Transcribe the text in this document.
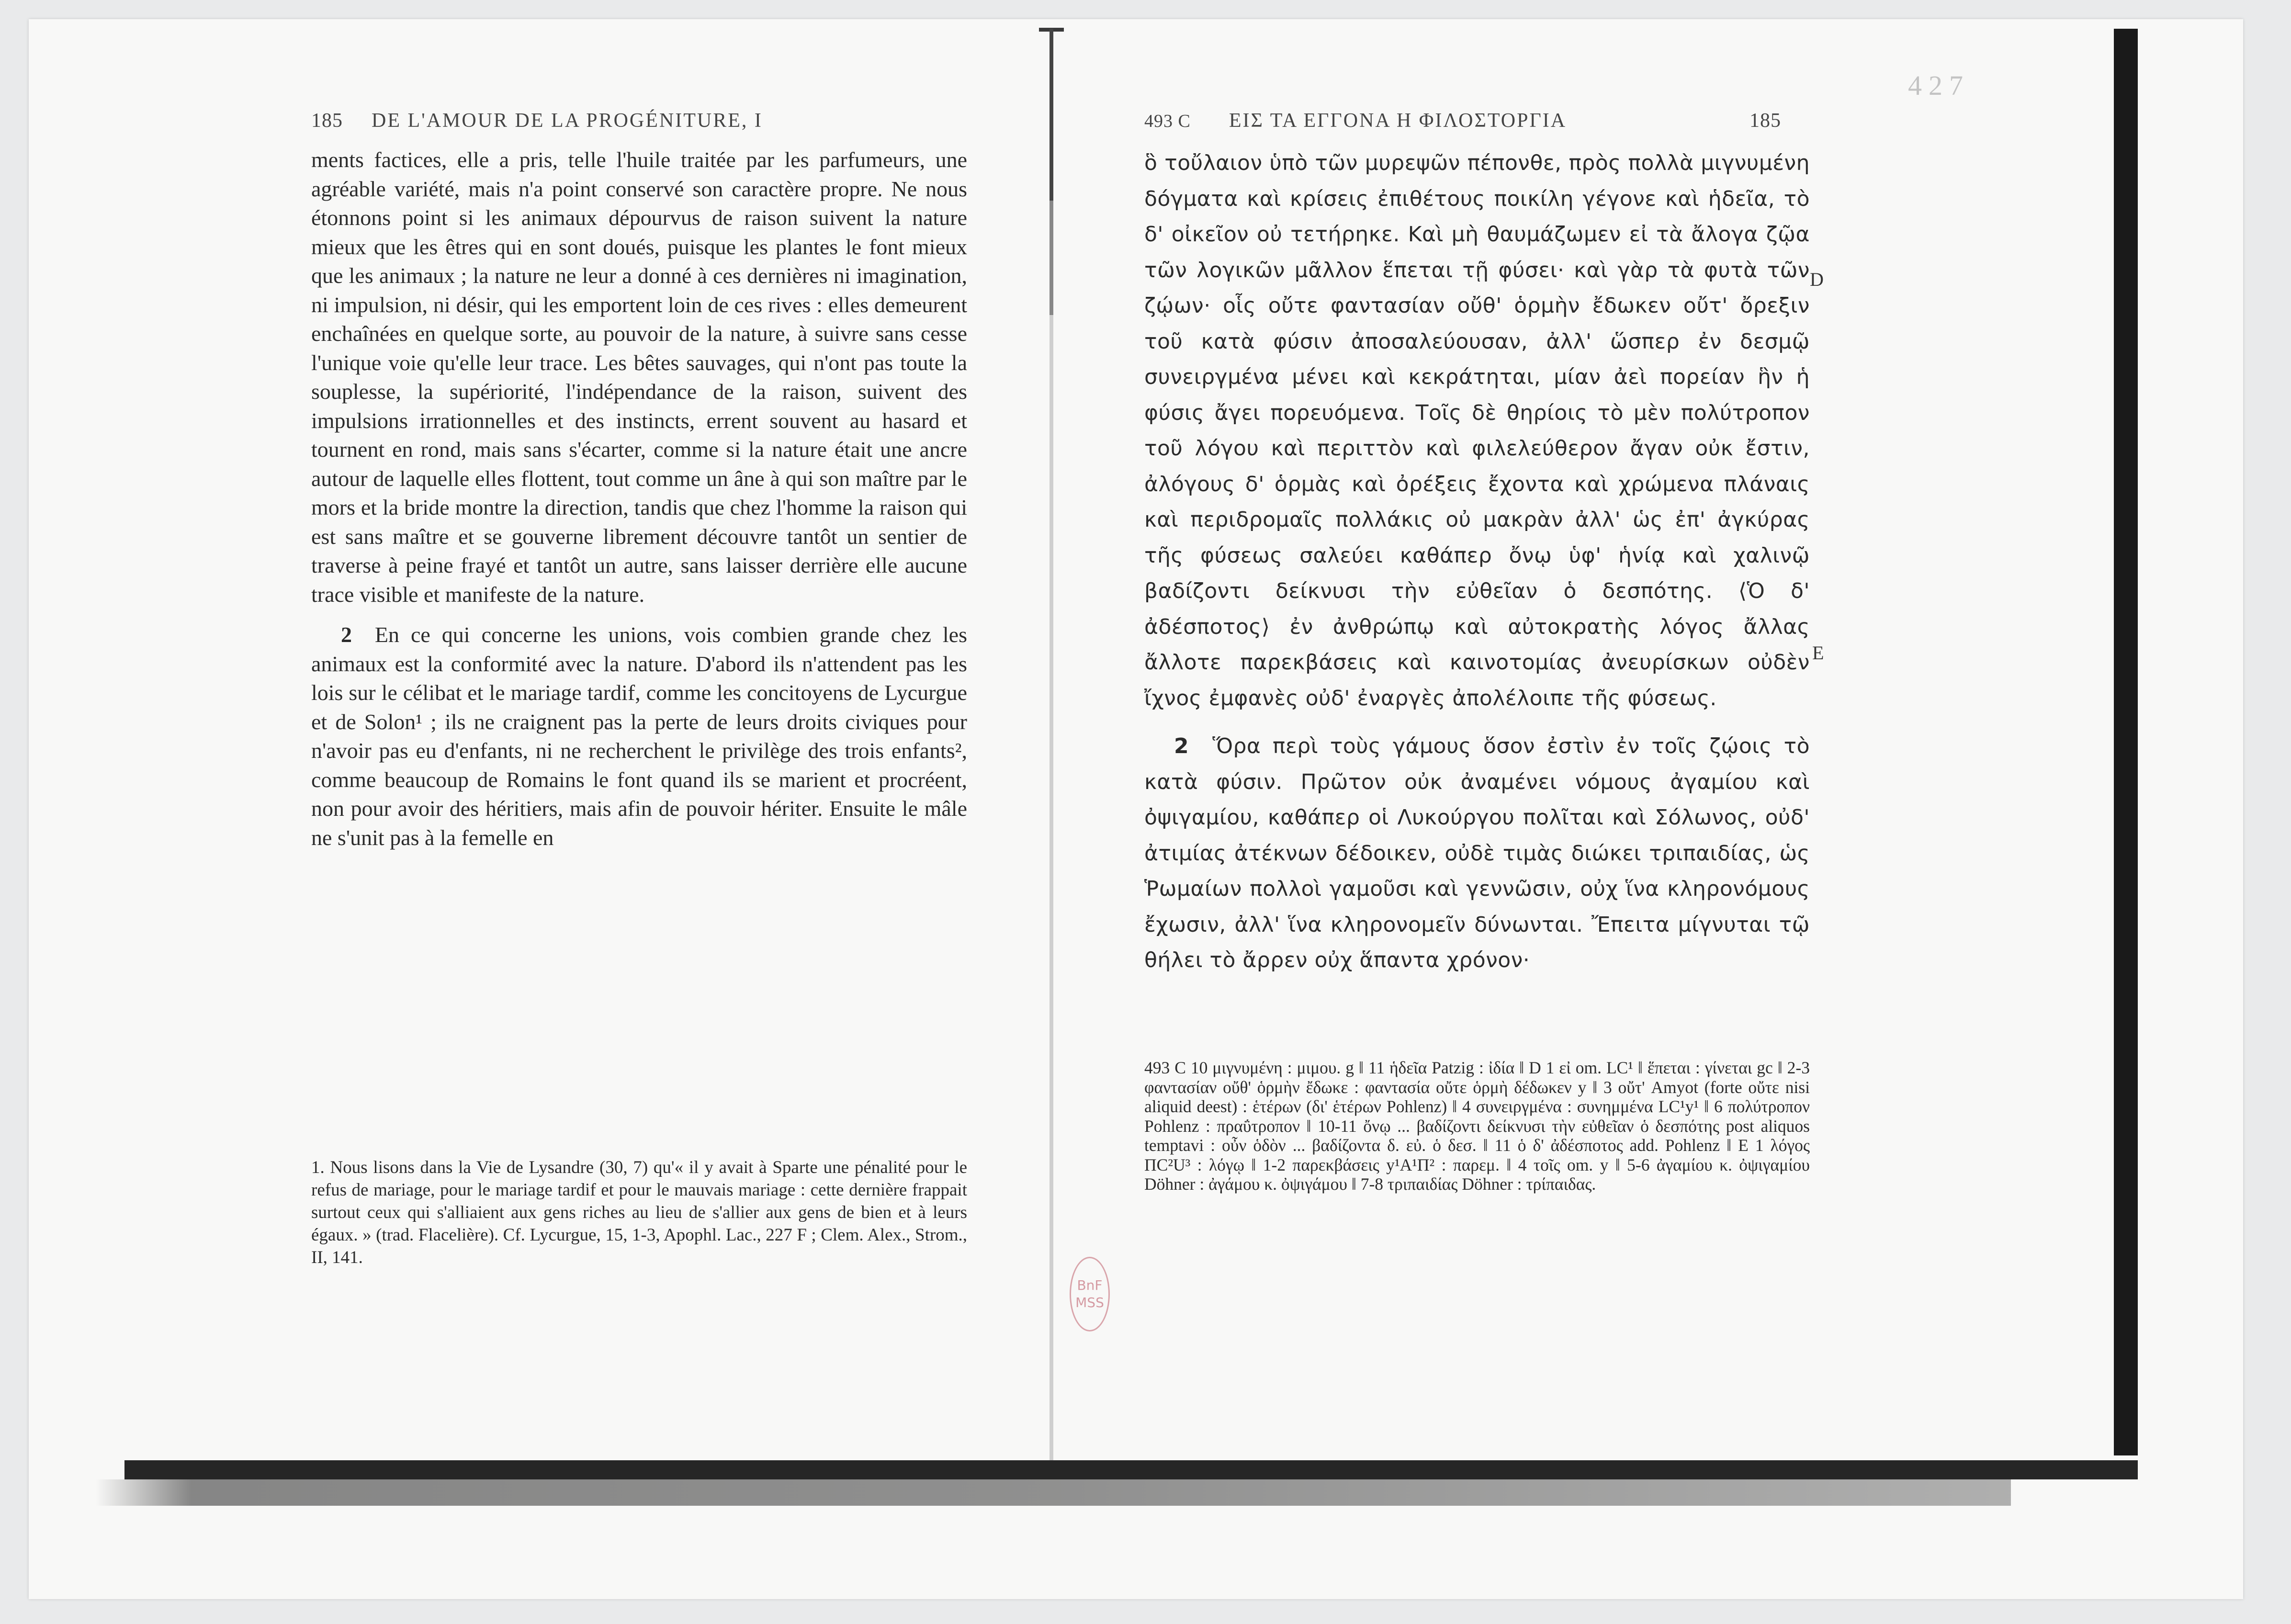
427
185 DE L'AMOUR DE LA PROGÉNITURE, I

ments factices, elle a pris, telle l'huile traitée par les parfumeurs, une agréable variété, mais n'a point conservé son caractère propre. Ne nous étonnons point si les animaux dépourvus de raison suivent la nature mieux que les êtres qui en sont doués, puisque les plantes le font mieux que les animaux ; la nature ne leur a donné à ces dernières ni imagination, ni impulsion, ni désir, qui les emportent loin de ces rives : elles demeurent enchaînées en quelque sorte, au pouvoir de la nature, à suivre sans cesse l'unique voie qu'elle leur trace. Les bêtes sauvages, qui n'ont pas toute la souplesse, la supériorité, l'indépendance de la raison, suivent des impulsions irrationnelles et des instincts, errent souvent au hasard et tournent en rond, mais sans s'écarter, comme si la nature était une ancre autour de laquelle elles flottent, tout comme un âne à qui son maître par le mors et la bride montre la direction, tandis que chez l'homme la raison qui est sans maître et se gouverne librement découvre tantôt un sentier de traverse à peine frayé et tantôt un autre, sans laisser derrière elle aucune trace visible et manifeste de la nature.

2 En ce qui concerne les unions, vois combien grande chez les animaux est la conformité avec la nature. D'abord ils n'attendent pas les lois sur le célibat et le mariage tardif, comme les concitoyens de Lycurgue et de Solon¹ ; ils ne craignent pas la perte de leurs droits civiques pour n'avoir pas eu d'enfants, ni ne recherchent le privilège des trois enfants², comme beaucoup de Romains le font quand ils se marient et procréent, non pour avoir des héritiers, mais afin de pouvoir hériter. Ensuite le mâle ne s'unit pas à la femelle en

1. Nous lisons dans la Vie de Lysandre (30, 7) qu'« il y avait à Sparte une pénalité pour le refus de mariage, pour le mariage tardif et pour le mauvais mariage : cette dernière frappait surtout ceux qui s'alliaient aux gens riches au lieu de s'allier aux gens de bien et à leurs égaux. » (trad. Flacelière). Cf. Lycurgue, 15, 1-3, Apophl. Lac., 227 F ; Clem. Alex., Strom., II, 141.
493 C ΕΙΣ ΤΑ ΕΓΓΟΝΑ Η ΦΙΛΟΣΤΟΡΓΙΑ	185

ὃ τοὔλαιον ὑπὸ τῶν μυρεψῶν πέπονθε, πρὸς πολλὰ μιγνυμένη δόγματα καὶ κρίσεις ἐπιθέτους ποικίλη γέγονε καὶ ἡδεῖα, τὸ δ' οἰκεῖον οὐ τετήρηκε. Καὶ μὴ θαυμάζωμεν εἰ τὰ ἄλογα ζῷα τῶν λογικῶν μᾶλλον ἕπεται τῇ φύσει· καὶ γὰρ τὰ φυτὰ τῶν ζῴων· οἷς οὔτε φαντασίαν οὔθ' ὁρμὴν ἔδωκεν οὔτ' ὄρεξιν τοῦ κατὰ φύσιν ἀποσαλεύουσαν, ἀλλ' ὥσπερ ἐν δεσμῷ συνειργμένα μένει καὶ κεκράτηται, μίαν ἀεὶ πορείαν ἣν ἡ φύσις ἄγει πορευόμενα. Τοῖς δὲ θηρίοις τὸ μὲν πολύτροπον τοῦ λόγου καὶ περιττὸν καὶ φιλελεύθερον ἄγαν οὐκ ἔστιν, ἀλόγους δ' ὁρμὰς καὶ ὀρέξεις ἔχοντα καὶ χρώμενα πλάναις καὶ περιδρομαῖς πολλάκις οὐ μακρὰν ἀλλ' ὡς ἐπ' ἀγκύρας τῆς φύσεως σαλεύει καθάπερ ὄνῳ ὑφ' ἡνίᾳ καὶ χαλινῷ βαδίζοντι δείκνυσι τὴν εὐθεῖαν ὁ δεσπότης. ⟨Ὁ δ' ἀδέσποτος⟩ ἐν ἀνθρώπῳ καὶ αὐτοκρατὴς λόγος ἄλλας ἄλλοτε παρεκβάσεις καὶ καινοτομίας ἀνευρίσκων οὐδὲν ἴχνος ἐμφανὲς οὐδ' ἐναργὲς ἀπολέλοιπε τῆς φύσεως.

2 Ὅρα περὶ τοὺς γάμους ὅσον ἐστὶν ἐν τοῖς ζῴοις τὸ κατὰ φύσιν. Πρῶτον οὐκ ἀναμένει νόμους ἀγαμίου καὶ ὀψιγαμίου, καθάπερ οἱ Λυκούργου πολῖται καὶ Σόλωνος, οὐδ' ἀτιμίας ἀτέκνων δέδοικεν, οὐδὲ τιμὰς διώκει τριπαιδίας, ὡς Ῥωμαίων πολλοὶ γαμοῦσι καὶ γεννῶσιν, οὐχ ἵνα κληρονόμους ἔχωσιν, ἀλλ' ἵνα κληρονομεῖν δύνωνται. Ἔπειτα μίγνυται τῷ θήλει τὸ ἄρρεν οὐχ ἅπαντα χρόνον·

D
E
493 C 10 μιγνυμένη : μιμου. g ‖ 11 ἡδεῖα Patzig : ἰδία ‖ D 1 εἰ om. LC¹ ‖ ἕπεται : γίνεται gc ‖ 2-3 φαντασίαν οὔθ' ὁρμὴν ἔδωκε : φαντασία οὔτε ὁρμὴ δέδωκεν y ‖ 3 οὔτ' Amyot (forte οὔτε nisi aliquid deest) : ἑτέρων (δι' ἑτέρων Pohlenz) ‖ 4 συνειργμένα : συνημμένα LC¹y¹ ‖ 6 πολύτροπον Pohlenz : πραΰτροπον ‖ 10-11 ὄνῳ ... βαδίζοντι δείκνυσι τὴν εὐθεῖαν ὁ δεσπότης post aliquos temptavi : οὖν ὁδὸν ... βαδίζοντα δ. εὐ. ὁ δεσ. ‖ 11 ὁ δ' ἀδέσποτος add. Pohlenz ‖ E 1 λόγος ΠC²U³ : λόγῳ ‖ 1-2 παρεκβάσεις y¹A¹Π² : παρεμ. ‖ 4 τοῖς om. y ‖ 5-6 ἀγαμίου κ. ὀψιγαμίου Döhner : ἀγάμου κ. ὀψιγάμου ‖ 7-8 τριπαιδίας Döhner : τρίπαιδας.
BnF MSS
